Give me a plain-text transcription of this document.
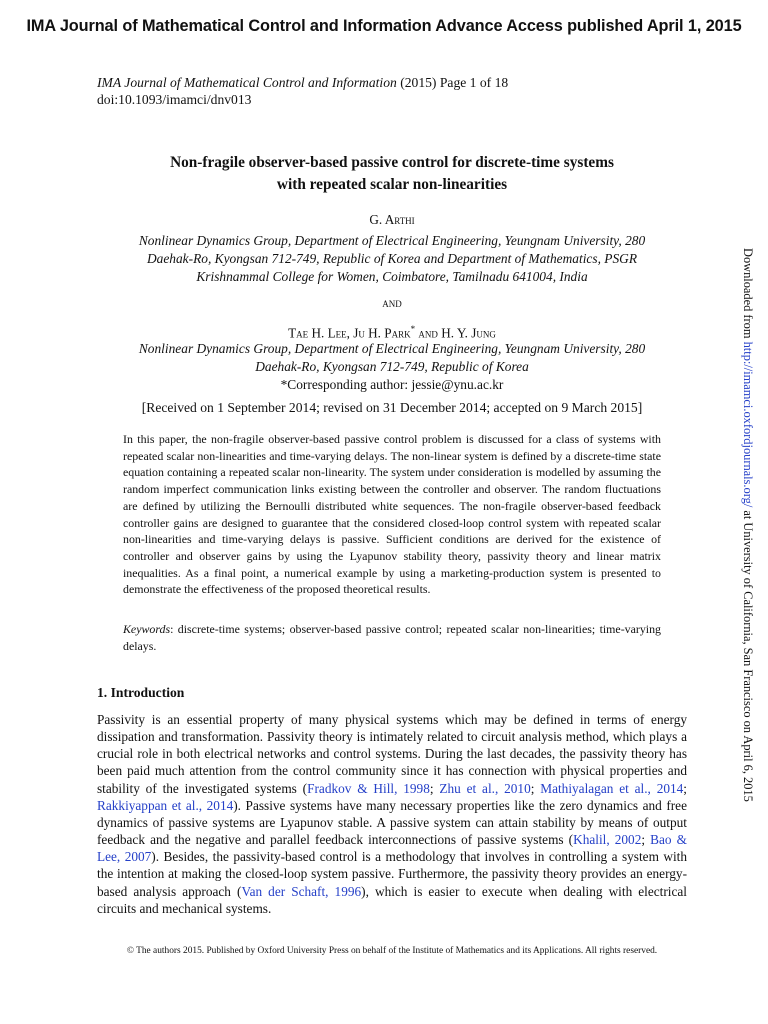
IMA Journal of Mathematical Control and Information Advance Access published April 1, 2015
IMA Journal of Mathematical Control and Information (2015) Page 1 of 18
doi:10.1093/imamci/dnv013
Non-fragile observer-based passive control for discrete-time systems
with repeated scalar non-linearities
G. Arthi
Nonlinear Dynamics Group, Department of Electrical Engineering, Yeungnam University, 280
Daehak-Ro, Kyongsan 712-749, Republic of Korea and Department of Mathematics, PSGR
Krishnammal College for Women, Coimbatore, Tamilnadu 641004, India
and
Tae H. Lee, Ju H. Park* and H. Y. Jung
Nonlinear Dynamics Group, Department of Electrical Engineering, Yeungnam University, 280
Daehak-Ro, Kyongsan 712-749, Republic of Korea
*Corresponding author: jessie@ynu.ac.kr
[Received on 1 September 2014; revised on 31 December 2014; accepted on 9 March 2015]
In this paper, the non-fragile observer-based passive control problem is discussed for a class of systems with repeated scalar non-linearities and time-varying delays. The non-linear system is defined by a discrete-time state equation containing a repeated scalar non-linearity. The system under consideration is modelled by assuming the random imperfect communication links existing between the controller and observer. The random fluctuations are defined by utilizing the Bernoulli distributed white sequences. The non-fragile observer-based feedback controller gains are designed to guarantee that the considered closed-loop control system with repeated scalar non-linearities and time-varying delays is passive. Sufficient conditions are derived for the existence of controller and observer gains by using the Lyapunov stability theory, passivity theory and linear matrix inequalities. As a final point, a numerical example by using a marketing-production system is presented to demonstrate the effectiveness of the proposed theoretical results.
Keywords: discrete-time systems; observer-based passive control; repeated scalar non-linearities; time-varying delays.
1. Introduction
Passivity is an essential property of many physical systems which may be defined in terms of energy dissipation and transformation. Passivity theory is intimately related to circuit analysis method, which plays a crucial role in both electrical networks and control systems. During the last decades, the passivity theory has been paid much attention from the control community since it has connection with physical properties and stability of the investigated systems (Fradkov & Hill, 1998; Zhu et al., 2010; Mathiyalagan et al., 2014; Rakkiyappan et al., 2014). Passive systems have many necessary properties like the zero dynamics and free dynamics of passive systems are Lyapunov stable. A passive system can attain stability by means of output feedback and the negative and parallel feedback interconnections of passive systems (Khalil, 2002; Bao & Lee, 2007). Besides, the passivity-based control is a methodology that involves in controlling a system with the intention at making the closed-loop system passive. Furthermore, the passivity theory provides an energy-based analysis approach (Van der Schaft, 1996), which is easier to execute when dealing with electrical circuits and mechanical systems.
© The authors 2015. Published by Oxford University Press on behalf of the Institute of Mathematics and its Applications. All rights reserved.
Downloaded from http://imamci.oxfordjournals.org/ at University of California, San Francisco on April 6, 2015
